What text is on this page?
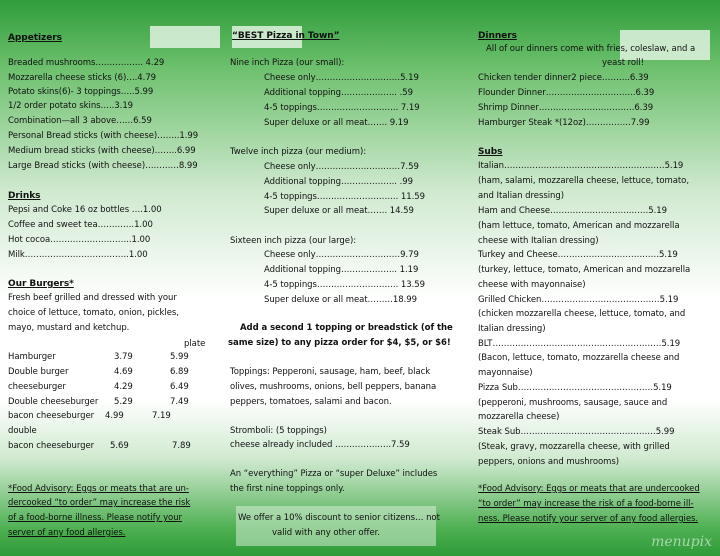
Appetizers
Breaded mushrooms…………….. 4.29
Mozzarella cheese sticks (6)….4.79
Potato skins(6)- 3 toppings…..5.99
1/2 order potato skins…..3.19
Combination—all 3 above……6.59
Personal Bread sticks (with cheese)……..1.99
Medium bread sticks (with cheese)……..6.99
Large Bread sticks (with cheese)…………8.99
Drinks
Pepsi and Coke 16 oz bottles ….1.00
Coffee and sweet tea………….1.00
Hot cocoa………………………..1.00
Milk……………………………….1.00
Our Burgers*
Fresh beef grilled and dressed with your
choice of lettuce, tomato, onion, pickles,
mayo, mustard and ketchup.
plate
Hamburger	3.79	5.99
Double burger	4.69	6.89
cheeseburger	4.29	6.49
Double cheeseburger 5.29	7.49
bacon cheeseburger 4.99	7.19
double
bacon cheeseburger 5.69	7.89
*Food Advisory: Eggs or meats that are un-
dercooked “to order” may increase the risk
of a food-borne illness. Please notify your
server of any food allergies.
“BEST Pizza in Town”
Nine inch Pizza (our small):
Cheese only…………………………5.19
Additional topping……………….. .59
4-5 toppings……………………….. 7.19
Super deluxe or all meat……. 9.19
Twelve inch pizza (our medium):
Cheese only…………………………7.59
Additional topping……………….. .99
4-5 toppings……………………….. 11.59
Super deluxe or all meat……. 14.59
Sixteen inch pizza (our large):
Cheese only…………………………9.79
Additional topping……………….. 1.19
4-5 toppings……………………….. 13.59
Super deluxe or all meat………18.99
Add a second 1 topping or breadstick (of the
same size) to any pizza order for $4, $5, or $6!
Toppings: Pepperoni, sausage, ham, beef, black
olives, mushrooms, onions, bell peppers, banana
peppers, tomatoes, salami and bacon.
Stromboli: (5 toppings)
cheese already included ………………..7.59
An “everything” Pizza or “super Deluxe” includes
the first nine toppings only.
We offer a 10% discount to senior citizens… not
valid with any other offer.
Dinners
All of our dinners come with fries, coleslaw, and a
yeast roll!
Chicken tender dinner2 piece……….6.39
Flounder Dinner…………………………..6.39
Shrimp Dinner…………………………….6.39
Hamburger Steak *(12oz)…………….7.99
Subs
Italian…………………………………………………5.19
(ham, salami, mozzarella cheese, lettuce, tomato,
and Italian dressing)
Ham and Cheese………………………..……5.19
(ham lettuce, tomato, American and mozzarella
cheese with Italian dressing)
Turkey and Cheese………………………………5.19
(turkey, lettuce, tomato, American and mozzarella
cheese with mayonnaise)
Grilled Chicken……………………………………5.19
(chicken mozzarella cheese, lettuce, tomato, and
Italian dressing)
BLT……………………………………………………5.19
(Bacon, lettuce, tomato, mozzarella cheese and
mayonnaise)
Pizza Sub…………………………………………5.19
(pepperoni, mushrooms, sausage, sauce and
mozzarella cheese)
Steak Sub…………………………………………5.99
(Steak, gravy, mozzarella cheese, with grilled
peppers, onions and mushrooms)
*Food Advisory: Eggs or meats that are undercooked
“to order” may increase the risk of a food-borne ill-
ness. Please notify your server of any food allergies.
menupix
